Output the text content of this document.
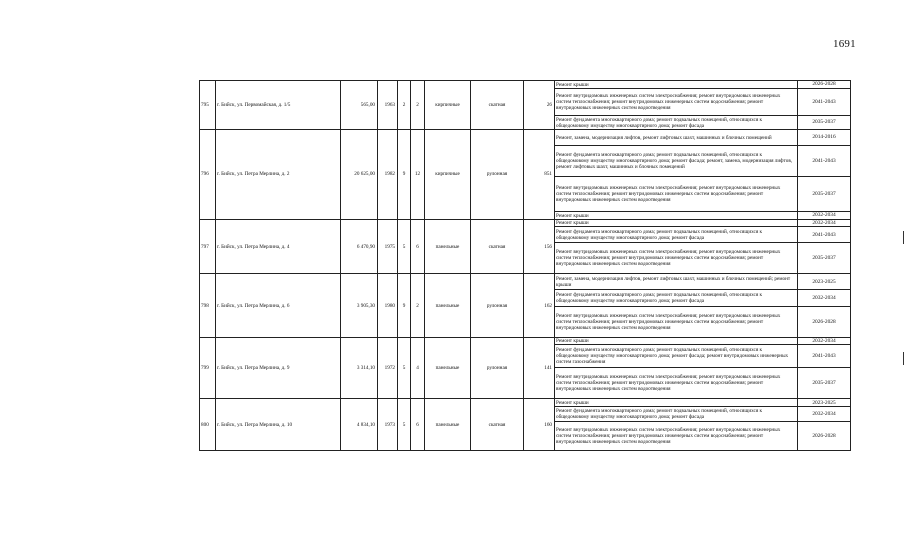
1691
795	г. Бийск, ул. Первомайская, д. 1/5	565,00	1963	2	2	кирпичные	скатная	26	Ремонт крыши	2026-2028
									Ремонт внутридомовых инженерных систем электроснабжения; ремонт внутридомовых инженерных систем теплоснабжения; ремонт внутридомовых инженерных систем водоснабжения; ремонт внутридомовых инженерных систем водоотведения	2041-2043
									Ремонт фундамента многоквартирного дома; ремонт подвальных помещений, относящихся к общедомовому имуществу многоквартирного дома; ремонт фасада	2035-2037
796	г. Бийск, ул. Петра Мерлина, д. 2	20 625,00	1982	9	12	кирпичные	рулонная	851	Ремонт, замена, модернизация лифтов, ремонт лифтовых шахт, машинных и блочных помещений	2014-2016
									Ремонт фундамента многоквартирного дома; ремонт подвальных помещений, относящихся к общедомовому имуществу многоквартирного дома; ремонт фасада; ремонт, замена, модернизация лифтов, ремонт лифтовых шахт, машинных и блочных помещений	2041-2043
									Ремонт внутридомовых инженерных систем электроснабжения; ремонт внутридомовых инженерных систем теплоснабжения; ремонт внутридомовых инженерных систем водоснабжения; ремонт внутридомовых инженерных систем водоотведения	2035-2037
									Ремонт крыши	2032-2034
797	г. Бийск, ул. Петра Мерлина, д. 4	6 470,90	1975	5	6	панельные	скатная	156	Ремонт крыши	2032-2034
									Ремонт фундамента многоквартирного дома; ремонт подвальных помещений, относящихся к общедомовому имуществу многоквартирного дома; ремонт фасада	2041-2043
									Ремонт внутридомовых инженерных систем электроснабжения; ремонт внутридомовых инженерных систем теплоснабжения; ремонт внутридомовых инженерных систем водоснабжения; ремонт внутридомовых инженерных систем водоотведения	2035-2037
798	г. Бийск, ул. Петра Мерлина, д. 6	3 905,30	1980	9	2	панельные	рулонная	162	Ремонт, замена, модернизация лифтов, ремонт лифтовых шахт, машинных и блочных помещений; ремонт крыши	2023-2025
									Ремонт фундамента многоквартирного дома; ремонт подвальных помещений, относящихся к общедомовому имуществу многоквартирного дома; ремонт фасада	2032-2034
									Ремонт внутридомовых инженерных систем электроснабжения; ремонт внутридомовых инженерных систем теплоснабжения; ремонт внутридомовых инженерных систем водоснабжения; ремонт внутридомовых инженерных систем водоотведения	2026-2028
799	г. Бийск, ул. Петра Мерлина, д. 9	3 314,10	1972	5	4	панельные	рулонная	141	Ремонт крыши	2032-2034
									Ремонт фундамента многоквартирного дома; ремонт подвальных помещений, относящихся к общедомовому имуществу многоквартирного дома; ремонт фасада; ремонт внутридомовых инженерных систем газоснабжения	2041-2043
									Ремонт внутридомовых инженерных систем электроснабжения; ремонт внутридомовых инженерных систем теплоснабжения; ремонт внутридомовых инженерных систем водоснабжения; ремонт внутридомовых инженерных систем водоотведения	2035-2037
800	г. Бийск, ул. Петра Мерлина, д. 10	4 834,10	1973	5	6	панельные	скатная	160	Ремонт крыши	2023-2025
									Ремонт фундамента многоквартирного дома; ремонт подвальных помещений, относящихся к общедомовому имуществу многоквартирного дома; ремонт фасада	2032-2034
									Ремонт внутридомовых инженерных систем электроснабжения; ремонт внутридомовых инженерных систем теплоснабжения; ремонт внутридомовых инженерных систем водоснабжения; ремонт внутридомовых инженерных систем водоотведения	2026-2028
